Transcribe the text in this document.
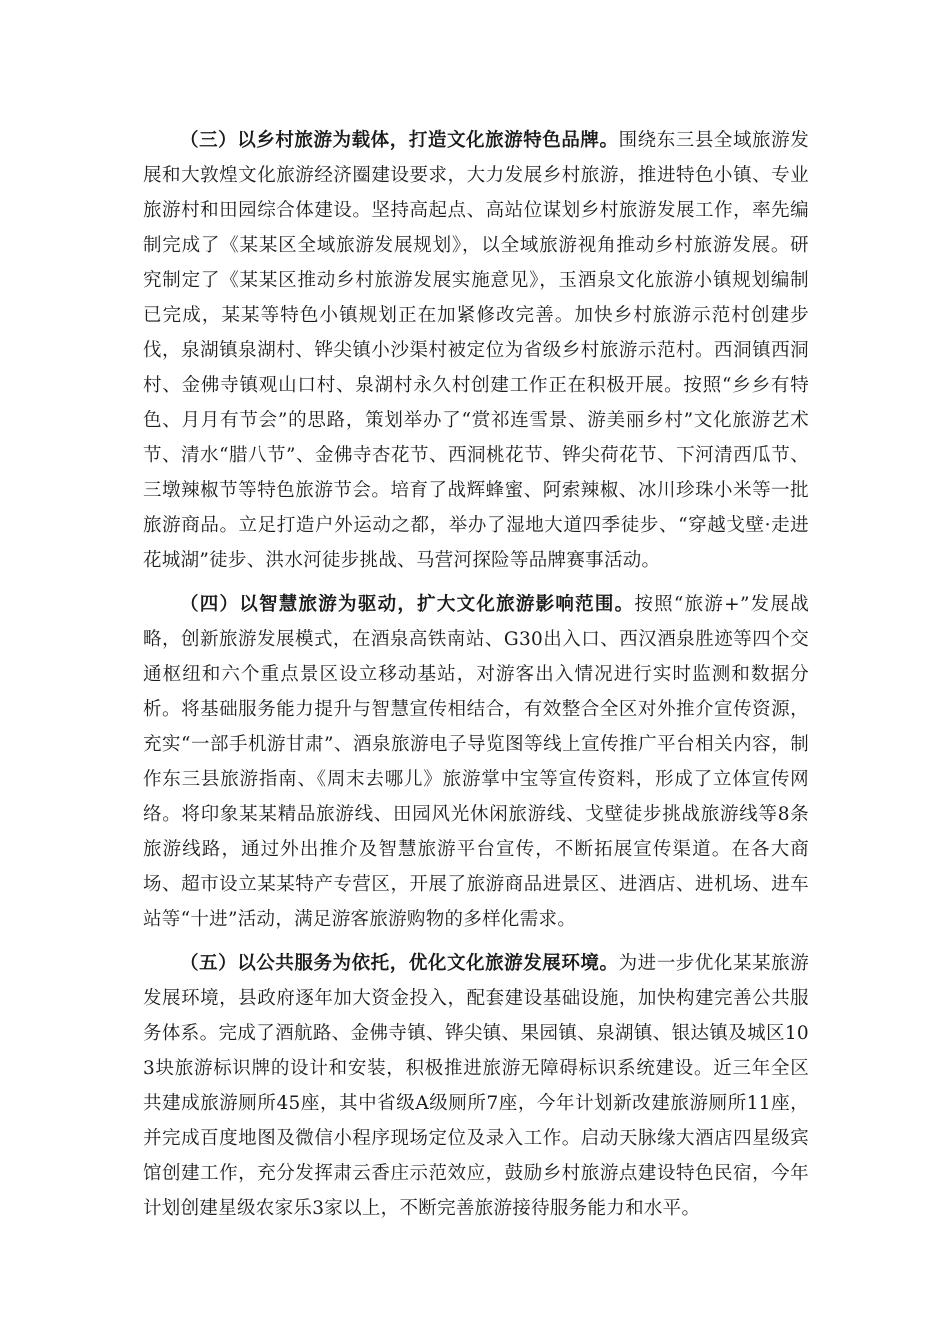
（三）以乡村旅游为载体，打造文化旅游特色品牌。围绕东三县全域旅游发展和大敦煌文化旅游经济圈建设要求，大力发展乡村旅游，推进特色小镇、专业旅游村和田园综合体建设。坚持高起点、高站位谋划乡村旅游发展工作，率先编制完成了《某某区全域旅游发展规划》，以全域旅游视角推动乡村旅游发展。研究制定了《某某区推动乡村旅游发展实施意见》，玉酒泉文化旅游小镇规划编制已完成，某某等特色小镇规划正在加紧修改完善。加快乡村旅游示范村创建步伐，泉湖镇泉湖村、铧尖镇小沙渠村被定位为省级乡村旅游示范村。西洞镇西洞村、金佛寺镇观山口村、泉湖村永久村创建工作正在积极开展。按照“乡乡有特色、月月有节会”的思路，策划举办了“赏祁连雪景、游美丽乡村”文化旅游艺术节、清水“腊八节”、金佛寺杏花节、西洞桃花节、铧尖荷花节、下河清西瓜节、三墩辣椒节等特色旅游节会。培育了战辉蜂蜜、阿索辣椒、冰川珍珠小米等一批旅游商品。立足打造户外运动之都，举办了湿地大道四季徒步、“穿越戈壁·走进花城湖”徒步、洪水河徒步挑战、马营河探险等品牌赛事活动。

（四）以智慧旅游为驱动，扩大文化旅游影响范围。按照“旅游+”发展战略，创新旅游发展模式，在酒泉高铁南站、G30出入口、西汉酒泉胜迹等四个交通枢纽和六个重点景区设立移动基站，对游客出入情况进行实时监测和数据分析。将基础服务能力提升与智慧宣传相结合，有效整合全区对外推介宣传资源，充实“一部手机游甘肃”、酒泉旅游电子导览图等线上宣传推广平台相关内容，制作东三县旅游指南、《周末去哪儿》旅游掌中宝等宣传资料，形成了立体宣传网络。将印象某某精品旅游线、田园风光休闲旅游线、戈壁徒步挑战旅游线等8条旅游线路，通过外出推介及智慧旅游平台宣传，不断拓展宣传渠道。在各大商场、超市设立某某特产专营区，开展了旅游商品进景区、进酒店、进机场、进车站等“十进”活动，满足游客旅游购物的多样化需求。

（五）以公共服务为依托，优化文化旅游发展环境。为进一步优化某某旅游发展环境，县政府逐年加大资金投入，配套建设基础设施，加快构建完善公共服务体系。完成了酒航路、金佛寺镇、铧尖镇、果园镇、泉湖镇、银达镇及城区103块旅游标识牌的设计和安装，积极推进旅游无障碍标识系统建设。近三年全区共建成旅游厕所45座，其中省级A级厕所7座，今年计划新改建旅游厕所11座，并完成百度地图及微信小程序现场定位及录入工作。启动天脉缘大酒店四星级宾馆创建工作，充分发挥肃云香庄示范效应，鼓励乡村旅游点建设特色民宿，今年计划创建星级农家乐3家以上，不断完善旅游接待服务能力和水平。
